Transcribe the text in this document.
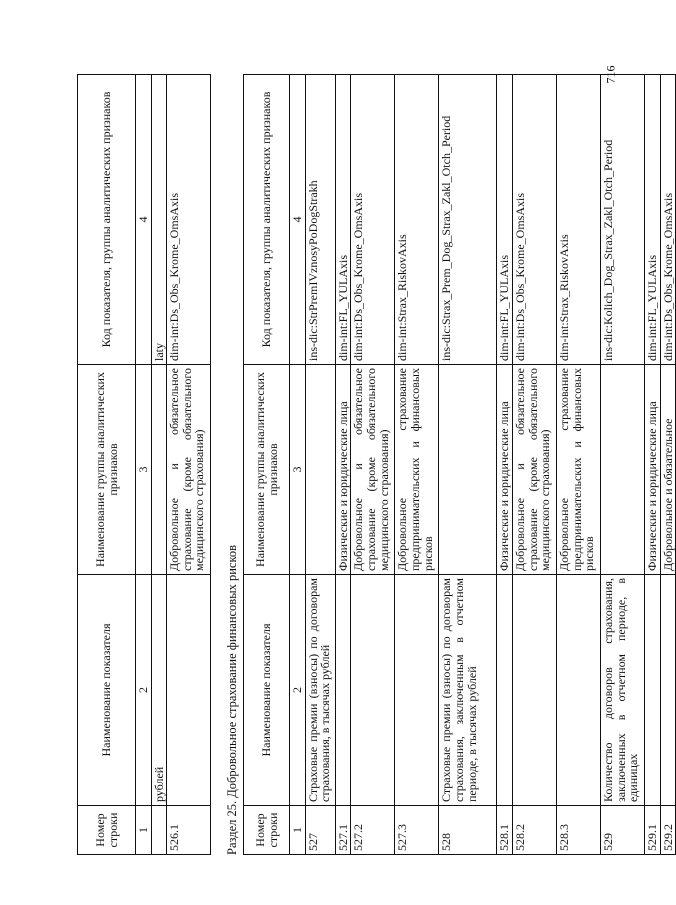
716
Номер строки	Наименование показателя	Наименование группы аналитических признаков	Код показателя, группы аналитических признаков
1	2	3	4
	рублей		laty
526.1		Добровольное и обязательное страхование (кроме обязательного медицинского страхования)	dim-int:Ds_Obs_Krome_OmsAxis
Раздел 25. Добровольное страхование финансовых рисков Номер строки	Наименование показателя	Наименование группы аналитических признаков	Код показателя, группы аналитических признаков
1	2	3	4
527	Страховые премии (взносы) по договорам страхования, в тысячах рублей		ins-dic:StrPremIVznosyPoDogStrakh
527.1		Физические и юридические лица	dim-int:FL_YULAxis
527.2		Добровольное и обязательное страхование (кроме обязательного медицинского страхования)	dim-int:Ds_Obs_Krome_OmsAxis
527.3		Добровольное страхование предпринимательских и финансовых рисков	dim-int:Strax_RiskovAxis
528	Страховые премии (взносы) по договорам страхования, заключенным в отчетном периоде, в тысячах рублей		ins-dic:Strax_Prem_Dog_Strax_Zakl_Otch_Period
528.1		Физические и юридические лица	dim-int:FL_YULAxis
528.2		Добровольное и обязательное страхование (кроме обязательного медицинского страхования)	dim-int:Ds_Obs_Krome_OmsAxis
528.3		Добровольное страхование предпринимательских и финансовых рисков	dim-int:Strax_RiskovAxis
529	Количество договоров страхования, заключенных в отчетном периоде, в единицах		ins-dic:Kolich_Dog_Strax_Zakl_Otch_Period
529.1		Физические и юридические лица	dim-int:FL_YULAxis
529.2		Добровольное и обязательное	dim-int:Ds_Obs_Krome_OmsAxis
